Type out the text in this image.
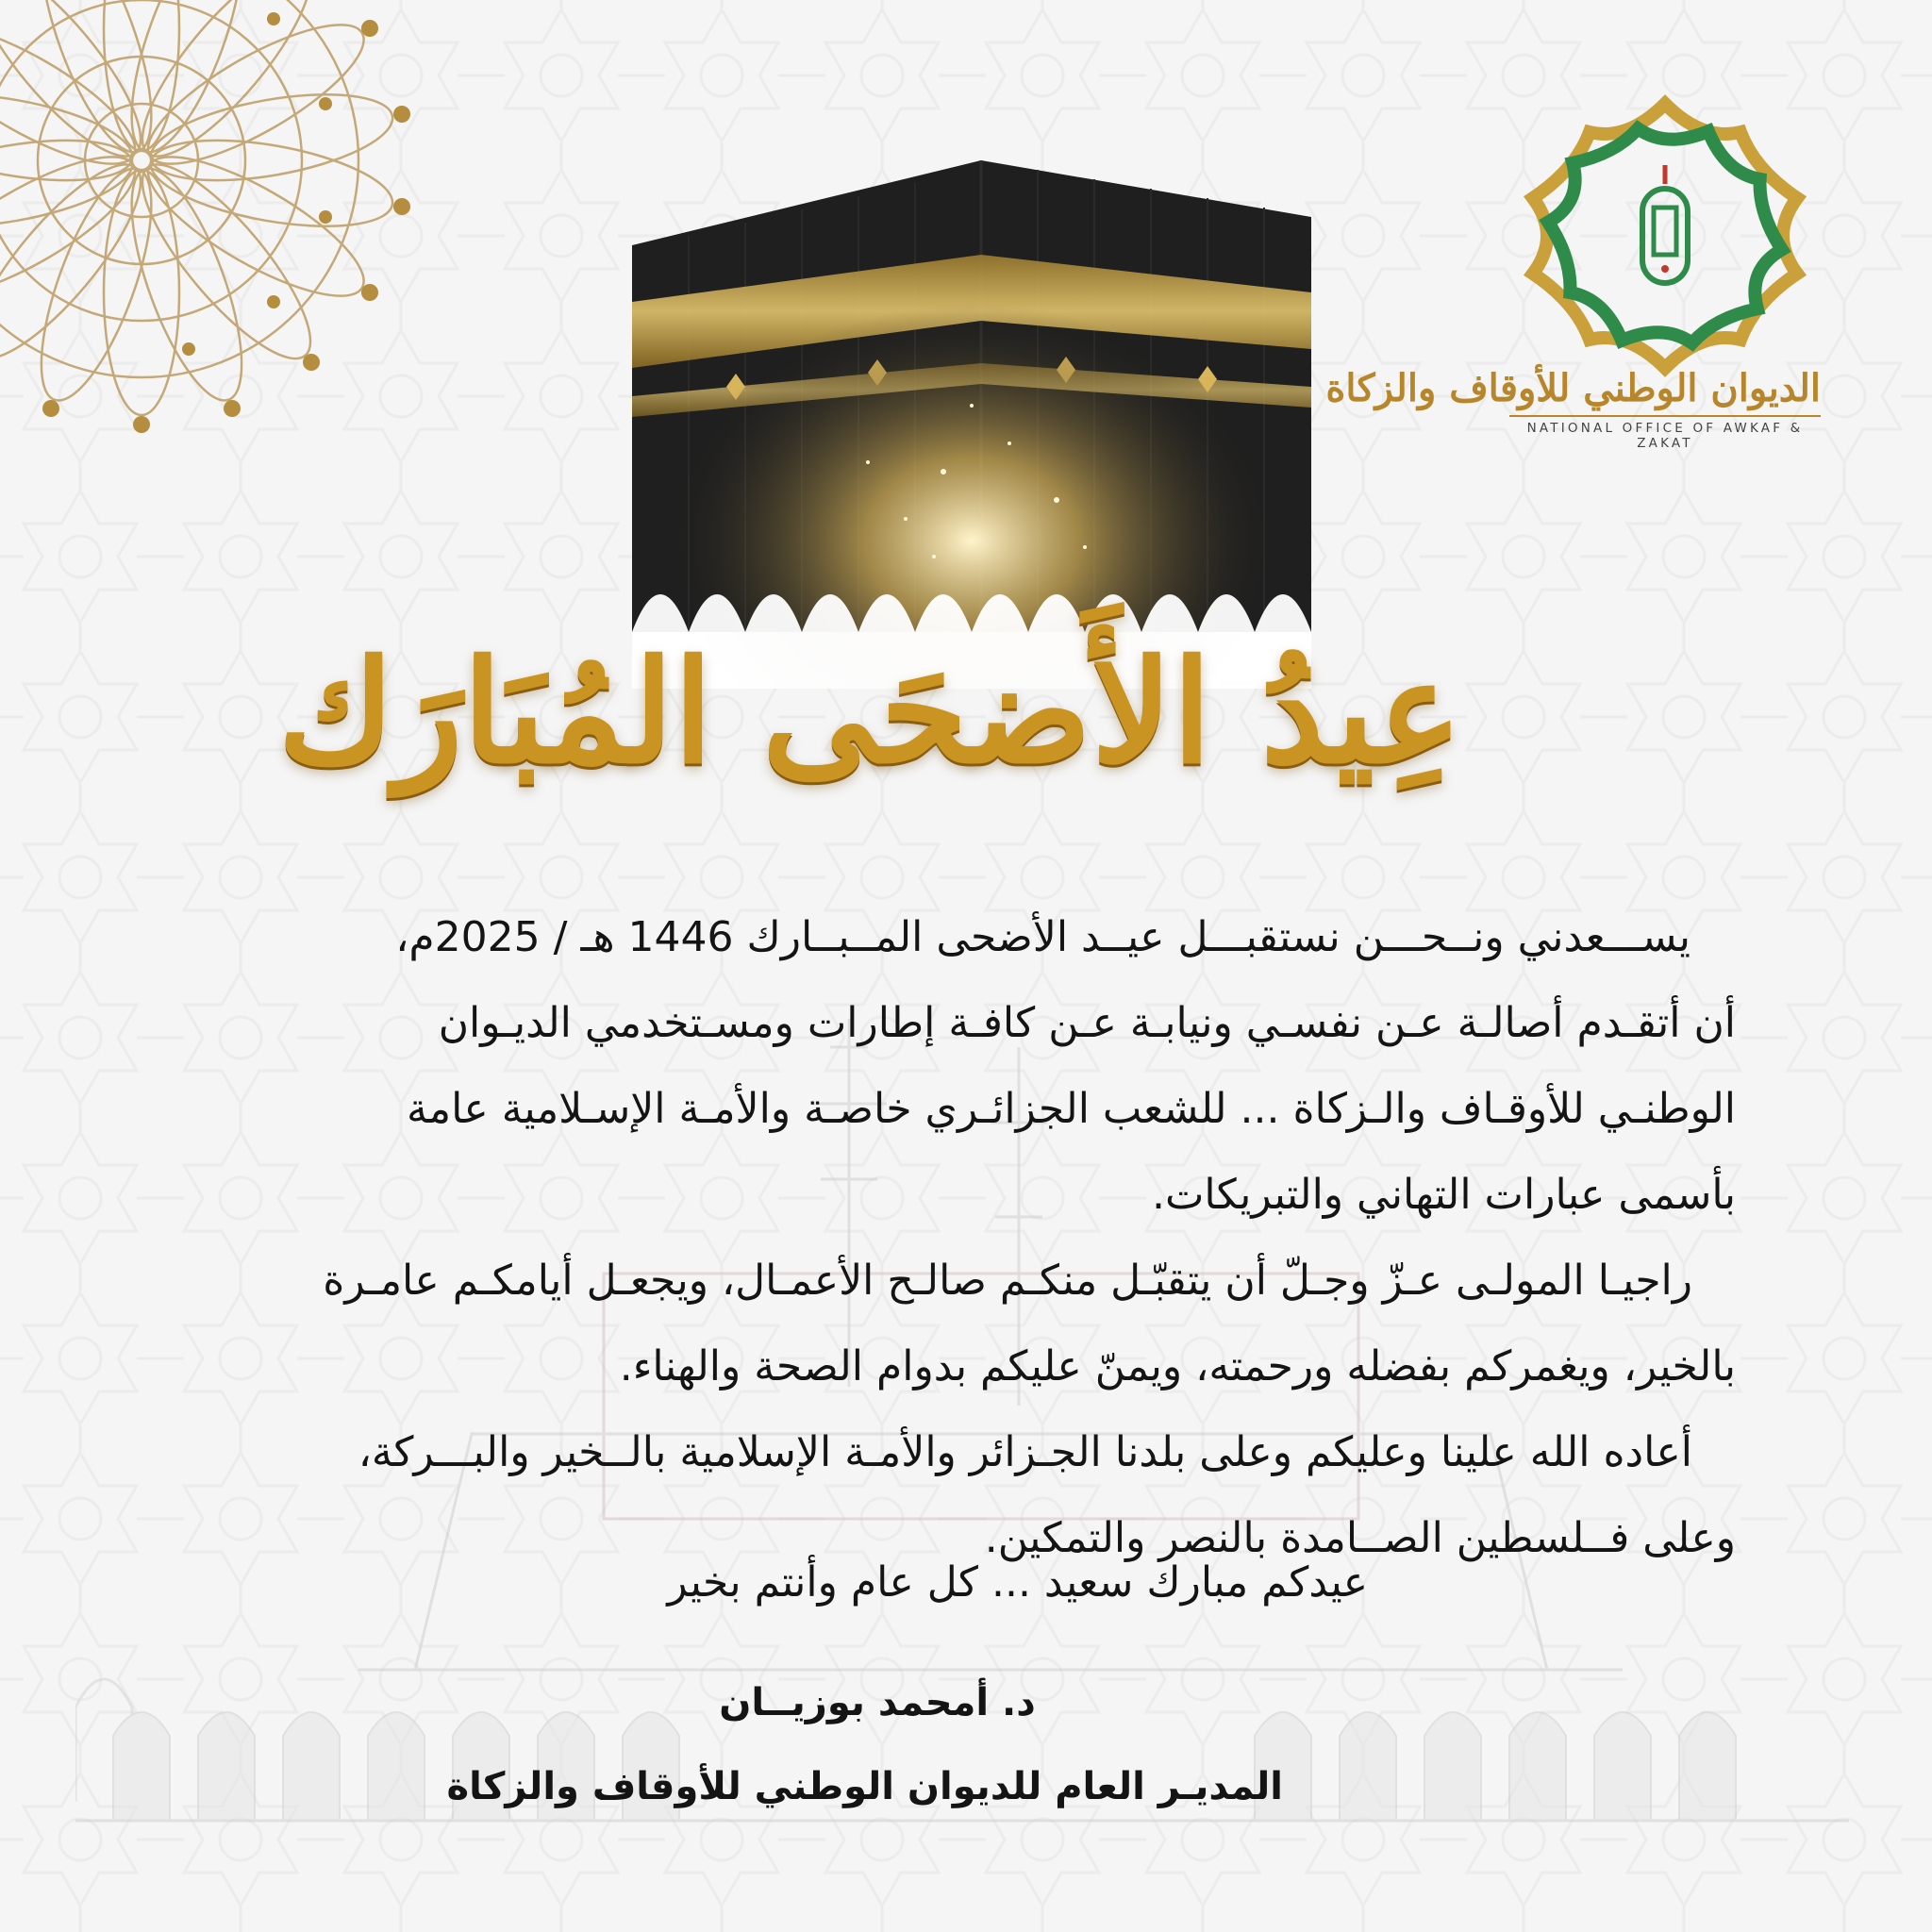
الديوان الوطني للأوقاف والزكاة
NATIONAL OFFICE OF AWKAF & ZAKAT
عِيدُ الأَضحَى المُبَارَك

يســـعدني ونــحـــن نستقبـــل عيــد الأضحى المــبــارك 1446 هـ / 2025م،

أن أتقـدم أصالـة عـن نفسـي ونيابـة عـن كافـة إطارات ومسـتخدمي الديـوان

الوطنـي للأوقـاف والـزكاة ... للشعب الجزائـري خاصـة والأمـة الإسـلامية عامة

بأسمى عبارات التهاني والتبريكات.

راجيـا المولـى عـزّ وجـلّ أن يتقبّـل منكـم صالـح الأعمـال، ويجعـل أيامكـم عامـرة

بالخير، ويغمركم بفضله ورحمته، ويمنّ عليكم بدوام الصحة والهناء.

أعاده الله علينا وعليكم وعلى بلدنا الجـزائر والأمـة الإسلامية بالــخير والبـــركة،

وعلى فــلسطين الصــامدة بالنصر والتمكين.

عيدكم مبارك سعيد ... كل عام وأنتم بخير
د. أمحمد بوزيــان
المديـر العام للديوان الوطني للأوقاف والزكاة
